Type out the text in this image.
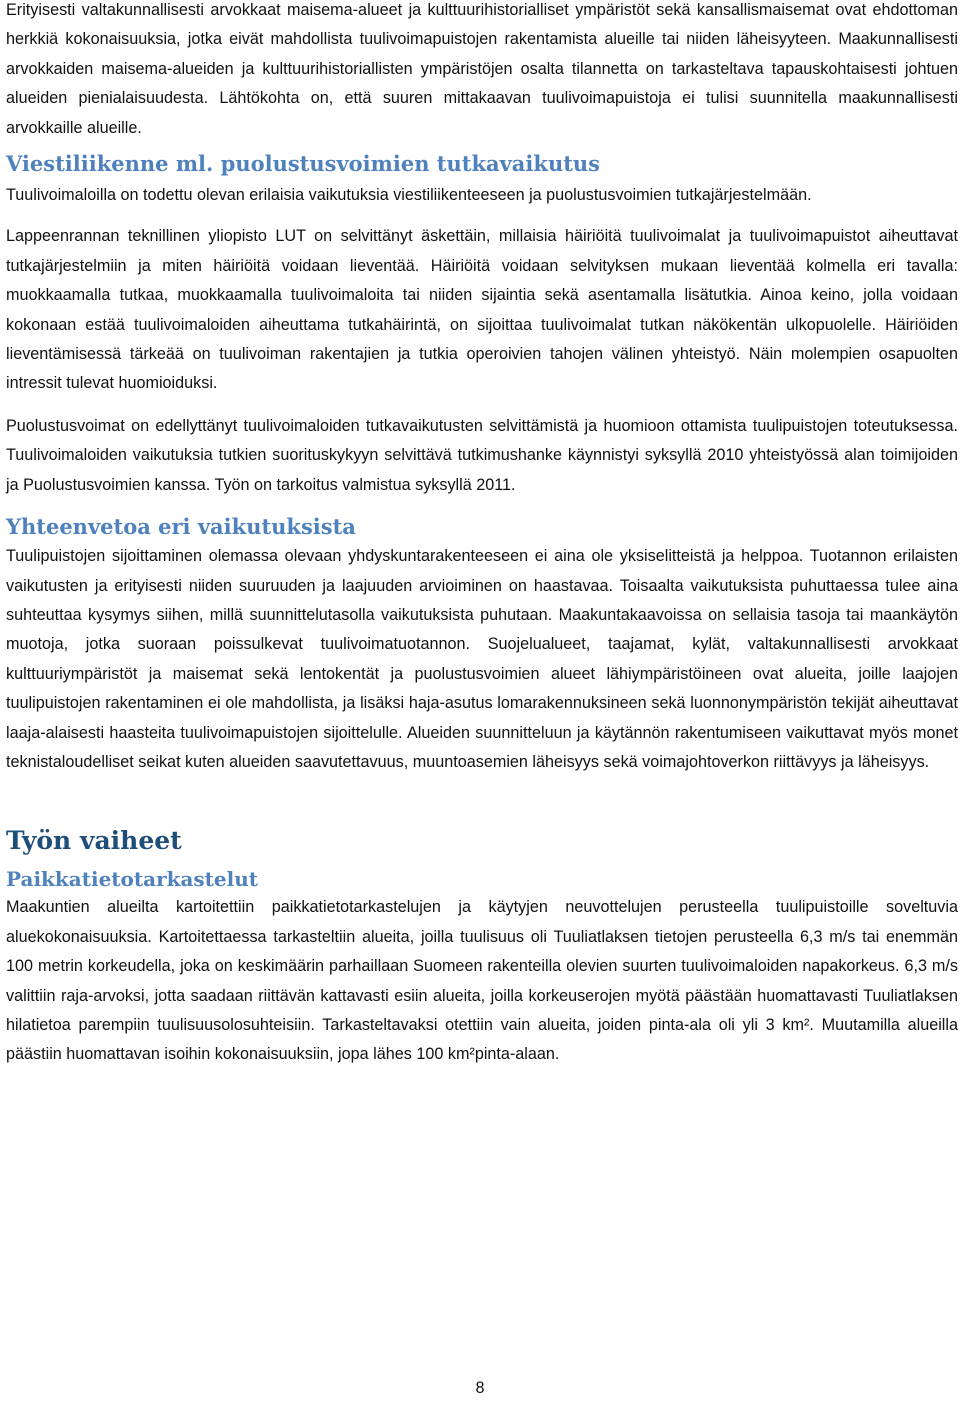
Erityisesti valtakunnallisesti arvokkaat maisema-alueet ja kulttuurihistorialliset ympäristöt sekä kansallismaisemat ovat ehdottoman herkkiä kokonaisuuksia, jotka eivät mahdollista tuulivoimapuistojen rakentamista alueille tai niiden läheisyyteen. Maakunnallisesti arvokkaiden maisema-alueiden ja kulttuurihistoriallisten ympäristöjen osalta tilannetta on tarkasteltava tapauskohtaisesti johtuen alueiden pienialaisuudesta. Lähtökohta on, että suuren mittakaavan tuulivoimapuistoja ei tulisi suunnitella maakunnallisesti arvokkaille alueille.

Viestiliikenne ml. puolustusvoimien tutkavaikutus

Tuulivoimaloilla on todettu olevan erilaisia vaikutuksia viestiliikenteeseen ja puolustusvoimien tutkajärjestelmään.

Lappeenrannan teknillinen yliopisto LUT on selvittänyt äskettäin, millaisia häiriöitä tuulivoimalat ja tuulivoimapuistot aiheuttavat tutkajärjestelmiin ja miten häiriöitä voidaan lieventää. Häiriöitä voidaan selvityksen mukaan lieventää kolmella eri tavalla: muokkaamalla tutkaa, muokkaamalla tuulivoimaloita tai niiden sijaintia sekä asentamalla lisätutkia. Ainoa keino, jolla voidaan kokonaan estää tuulivoimaloiden aiheuttama tutkahäirintä, on sijoittaa tuulivoimalat tutkan näkökentän ulkopuolelle. Häiriöiden lieventämisessä tärkeää on tuulivoiman rakentajien ja tutkia operoivien tahojen välinen yhteistyö. Näin molempien osapuolten intressit tulevat huomioiduksi.

Puolustusvoimat on edellyttänyt tuulivoimaloiden tutkavaikutusten selvittämistä ja huomioon ottamista tuulipuistojen toteutuksessa. Tuulivoimaloiden vaikutuksia tutkien suorituskykyyn selvittävä tutkimushanke käynnistyi syksyllä 2010 yhteistyössä alan toimijoiden ja Puolustusvoimien kanssa. Työn on tarkoitus valmistua syksyllä 2011.

Yhteenvetoa eri vaikutuksista

Tuulipuistojen sijoittaminen olemassa olevaan yhdyskuntarakenteeseen ei aina ole yksiselitteistä ja helppoa. Tuotannon erilaisten vaikutusten ja erityisesti niiden suuruuden ja laajuuden arvioiminen on haastavaa. Toisaalta vaikutuksista puhuttaessa tulee aina suhteuttaa kysymys siihen, millä suunnittelutasolla vaikutuksista puhutaan. Maakuntakaavoissa on sellaisia tasoja tai maankäytön muotoja, jotka suoraan poissulkevat tuulivoimatuotannon. Suojelualueet, taajamat, kylät, valtakunnallisesti arvokkaat kulttuuriympäristöt ja maisemat sekä lentokentät ja puolustusvoimien alueet lähiympäristöineen ovat alueita, joille laajojen tuulipuistojen rakentaminen ei ole mahdollista, ja lisäksi haja-asutus lomarakennuksineen sekä luonnonympäristön tekijät aiheuttavat laaja-alaisesti haasteita tuulivoimapuistojen sijoittelulle. Alueiden suunnitteluun ja käytännön rakentumiseen vaikuttavat myös monet teknistaloudelliset seikat kuten alueiden saavutettavuus, muuntoasemien läheisyys sekä voimajohtoverkon riittävyys ja läheisyys.

Työn vaiheet
Paikkatietotarkastelut

Maakuntien alueilta kartoitettiin paikkatietotarkastelujen ja käytyjen neuvottelujen perusteella tuulipuistoille soveltuvia aluekokonaisuuksia. Kartoitettaessa tarkasteltiin alueita, joilla tuulisuus oli Tuuliatlaksen tietojen perusteella 6,3 m/s tai enemmän 100 metrin korkeudella, joka on keskimäärin parhaillaan Suomeen rakenteilla olevien suurten tuulivoimaloiden napakorkeus. 6,3 m/s valittiin raja-arvoksi, jotta saadaan riittävän kattavasti esiin alueita, joilla korkeuserojen myötä päästään huomattavasti Tuuliatlaksen hilatietoa parempiin tuulisuusolosuhteisiin. Tarkasteltavaksi otettiin vain alueita, joiden pinta-ala oli yli 3 km². Muutamilla alueilla päästiin huomattavan isoihin kokonaisuuksiin, jopa lähes 100 km²pinta-alaan.

8
